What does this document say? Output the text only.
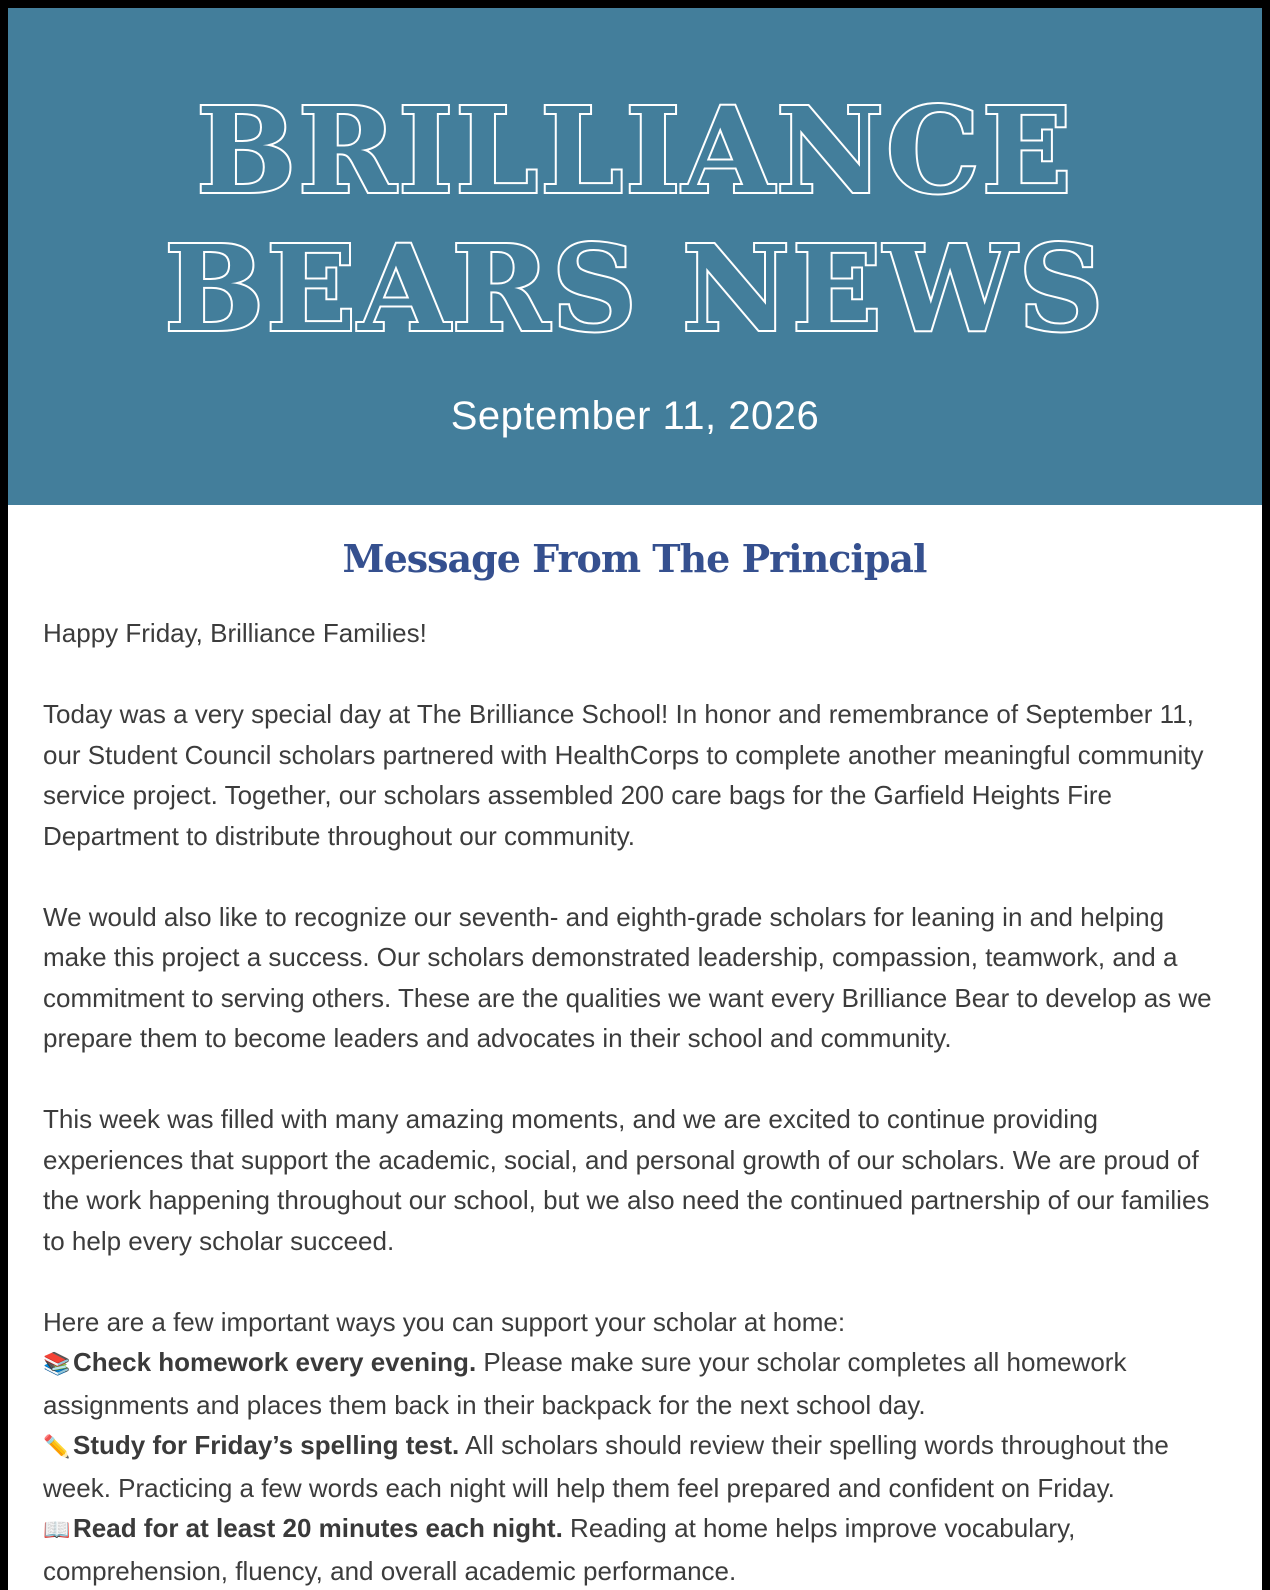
BRILLIANCE
BEARS NEWS
September 11, 2026
Message From The Principal

Happy Friday, Brilliance Families!

Today was a very special day at The Brilliance School! In honor and remembrance of September 11, our Student Council scholars partnered with HealthCorps to complete another meaningful community service project. Together, our scholars assembled 200 care bags for the Garfield Heights Fire Department to distribute throughout our community.

We would also like to recognize our seventh- and eighth-grade scholars for leaning in and helping make this project a success. Our scholars demonstrated leadership, compassion, teamwork, and a commitment to serving others. These are the qualities we want every Brilliance Bear to develop as we prepare them to become leaders and advocates in their school and community.

This week was filled with many amazing moments, and we are excited to continue providing experiences that support the academic, social, and personal growth of our scholars. We are proud of the work happening throughout our school, but we also need the continued partnership of our families to help every scholar succeed.

Here are a few important ways you can support your scholar at home:

📚Check homework every evening. Please make sure your scholar completes all homework assignments and places them back in their backpack for the next school day.
✏️Study for Friday’s spelling test. All scholars should review their spelling words throughout the week. Practicing a few words each night will help them feel prepared and confident on Friday.
📖Read for at least 20 minutes each night. Reading at home helps improve vocabulary, comprehension, fluency, and overall academic performance.
